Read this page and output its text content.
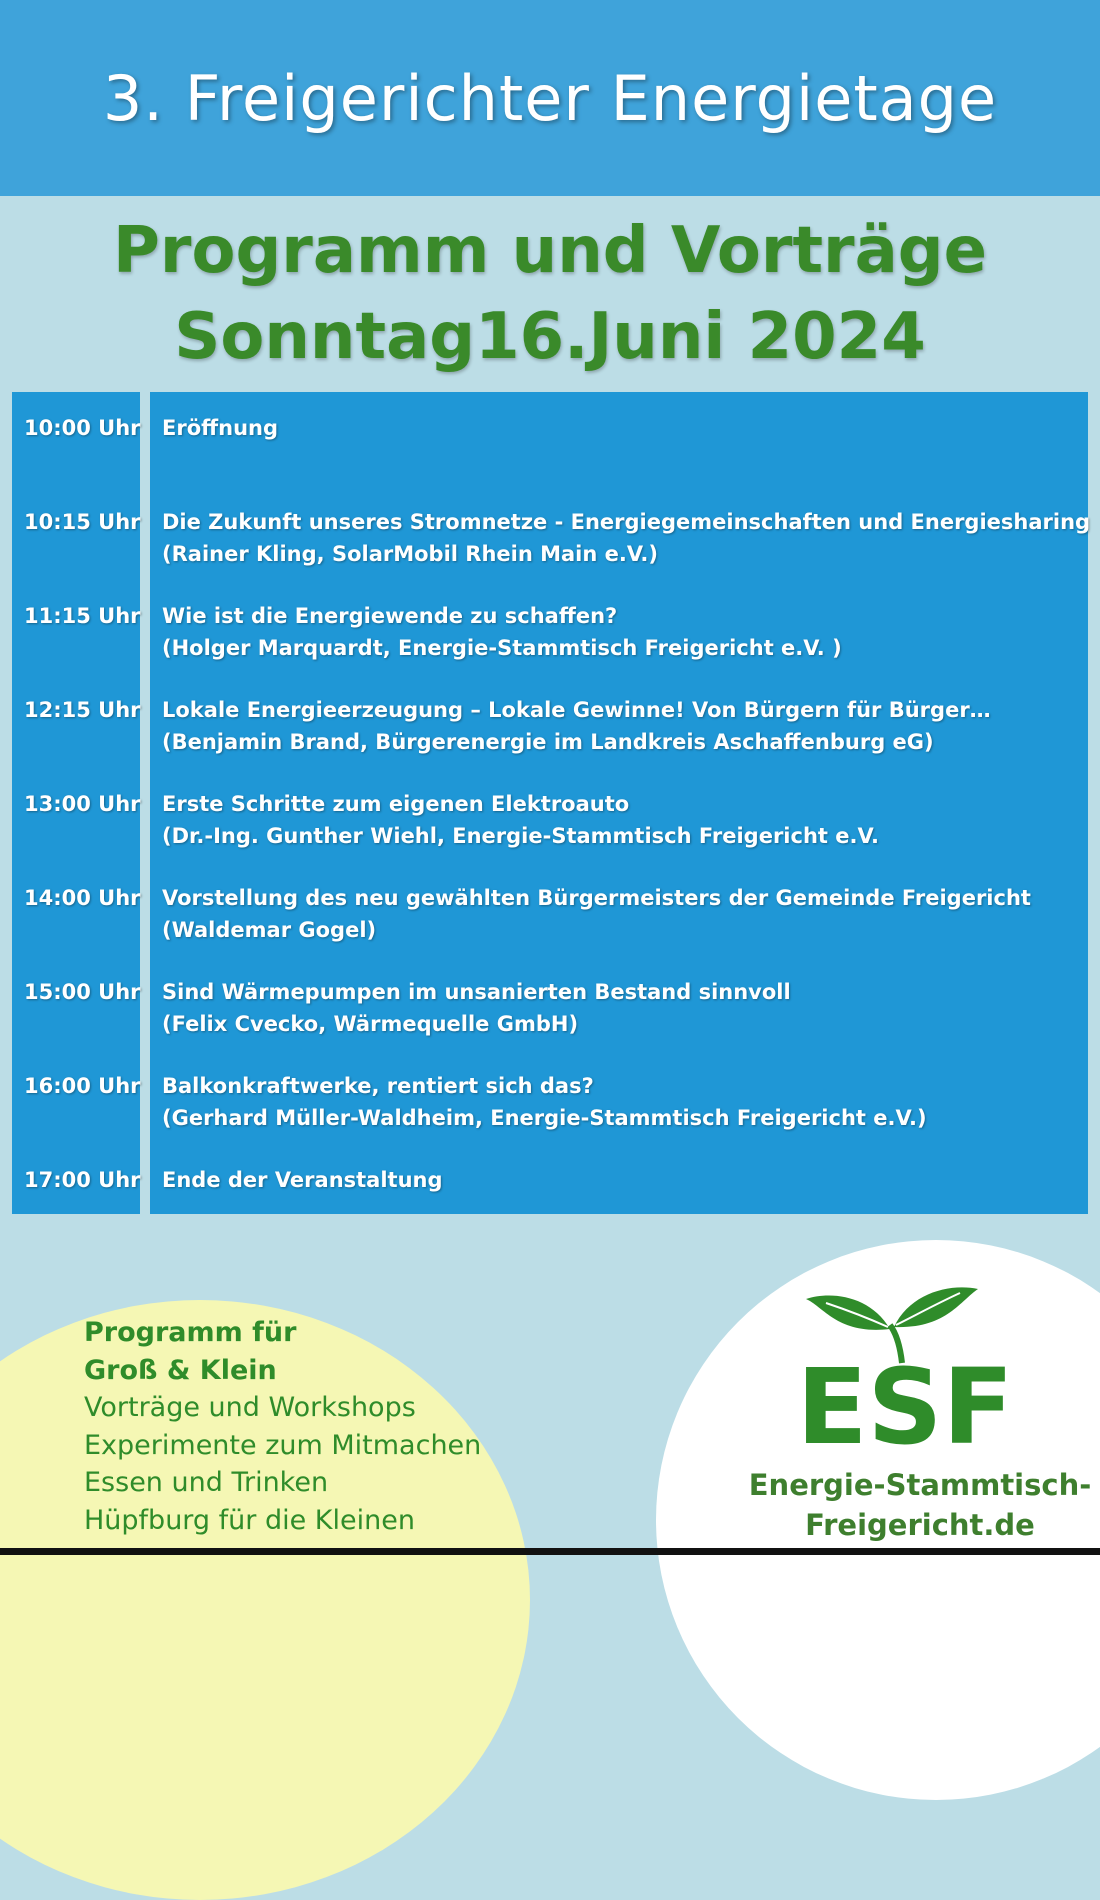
3. Freigerichter Energietage
Programm und Vorträge
Sonntag16.Juni 2024
10:00 Uhr Eröffnung
10:15 Uhr Die Zukunft unseres Stromnetze - Energiegemeinschaften und Energiesharing
(Rainer Kling, SolarMobil Rhein Main e.V.)
11:15 Uhr Wie ist die Energiewende zu schaffen?
(Holger Marquardt, Energie-Stammtisch Freigericht e.V. )
12:15 Uhr Lokale Energieerzeugung – Lokale Gewinne! Von Bürgern für Bürger…
(Benjamin Brand, Bürgerenergie im Landkreis Aschaffenburg eG)
13:00 Uhr Erste Schritte zum eigenen Elektroauto
(Dr.-Ing. Gunther Wiehl, Energie-Stammtisch Freigericht e.V.
14:00 Uhr Vorstellung des neu gewählten Bürgermeisters der Gemeinde Freigericht
(Waldemar Gogel)
15:00 Uhr Sind Wärmepumpen im unsanierten Bestand sinnvoll
(Felix Cvecko, Wärmequelle GmbH)
16:00 Uhr Balkonkraftwerke, rentiert sich das?
(Gerhard Müller-Waldheim, Energie-Stammtisch Freigericht e.V.)
17:00 Uhr Ende der Veranstaltung
Programm für
Groß & Klein
Vorträge und Workshops
Experimente zum Mitmachen
Essen und Trinken
Hüpfburg für die Kleinen
ESF
Energie-Stammtisch-
Freigericht.de
